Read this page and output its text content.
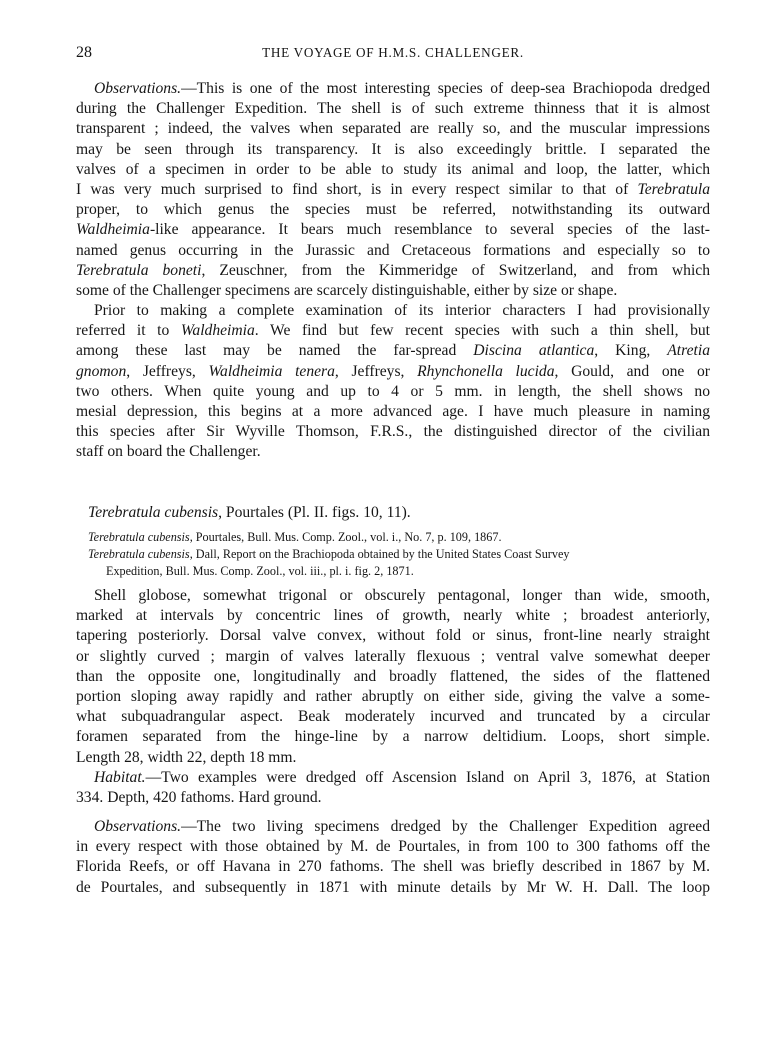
28	THE VOYAGE OF H.M.S. CHALLENGER.

Observations.—This is one of the most interesting species of deep-sea Brachiopoda dredged
during the Challenger Expedition. The shell is of such extreme thinness that it is almost
transparent ; indeed, the valves when separated are really so, and the muscular impressions
may be seen through its transparency. It is also exceedingly brittle. I separated the
valves of a specimen in order to be able to study its animal and loop, the latter, which
I was very much surprised to find short, is in every respect similar to that of Terebratula
proper, to which genus the species must be referred, notwithstanding its outward
Waldheimia-like appearance. It bears much resemblance to several species of the last-
named genus occurring in the Jurassic and Cretaceous formations and especially so to
Terebratula boneti, Zeuschner, from the Kimmeridge of Switzerland, and from which
some of the Challenger specimens are scarcely distinguishable, either by size or shape.

Prior to making a complete examination of its interior characters I had provisionally
referred it to Waldheimia. We find but few recent species with such a thin shell, but
among these last may be named the far-spread Discina atlantica, King, Atretia
gnomon, Jeffreys, Waldheimia tenera, Jeffreys, Rhynchonella lucida, Gould, and one or
two others. When quite young and up to 4 or 5 mm. in length, the shell shows no
mesial depression, this begins at a more advanced age. I have much pleasure in naming
this species after Sir Wyville Thomson, F.R.S., the distinguished director of the civilian
staff on board the Challenger.

Terebratula cubensis, Pourtales (Pl. II. figs. 10, 11).
Terebratula cubensis, Pourtales, Bull. Mus. Comp. Zool., vol. i., No. 7, p. 109, 1867.
Terebratula cubensis, Dall, Report on the Brachiopoda obtained by the United States Coast Survey
Expedition, Bull. Mus. Comp. Zool., vol. iii., pl. i. fig. 2, 1871.

Shell globose, somewhat trigonal or obscurely pentagonal, longer than wide, smooth,
marked at intervals by concentric lines of growth, nearly white ; broadest anteriorly,
tapering posteriorly. Dorsal valve convex, without fold or sinus, front-line nearly straight
or slightly curved ; margin of valves laterally flexuous ; ventral valve somewhat deeper
than the opposite one, longitudinally and broadly flattened, the sides of the flattened
portion sloping away rapidly and rather abruptly on either side, giving the valve a some-
what subquadrangular aspect. Beak moderately incurved and truncated by a circular
foramen separated from the hinge-line by a narrow deltidium. Loops, short simple.
Length 28, width 22, depth 18 mm.
Habitat.—Two examples were dredged off Ascension Island on April 3, 1876, at Station
334. Depth, 420 fathoms. Hard ground.

Observations.—The two living specimens dredged by the Challenger Expedition agreed
in every respect with those obtained by M. de Pourtales, in from 100 to 300 fathoms off the
Florida Reefs, or off Havana in 270 fathoms. The shell was briefly described in 1867 by M.
de Pourtales, and subsequently in 1871 with minute details by Mr W. H. Dall. The loop
